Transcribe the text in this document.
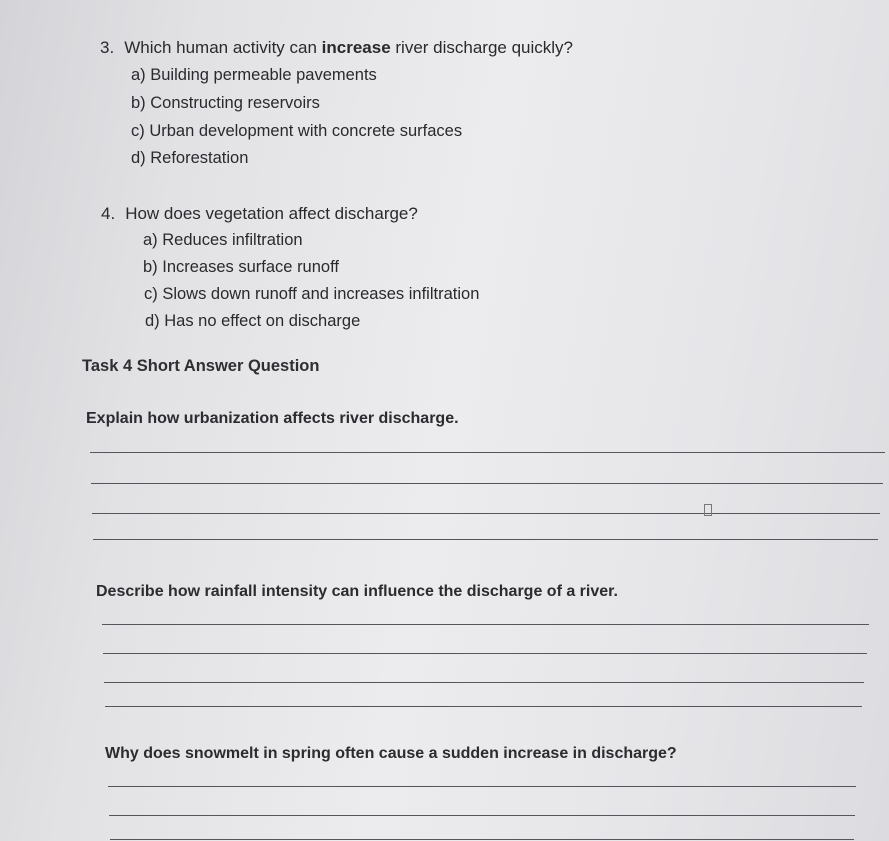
3. Which human activity can increase river discharge quickly?
a) Building permeable pavements
b) Constructing reservoirs
c) Urban development with concrete surfaces
d) Reforestation
4. How does vegetation affect discharge?
a) Reduces infiltration
b) Increases surface runoff
c) Slows down runoff and increases infiltration
d) Has no effect on discharge
Task 4 Short Answer Question
Explain how urbanization affects river discharge.
Describe how rainfall intensity can influence the discharge of a river.
Why does snowmelt in spring often cause a sudden increase in discharge?
